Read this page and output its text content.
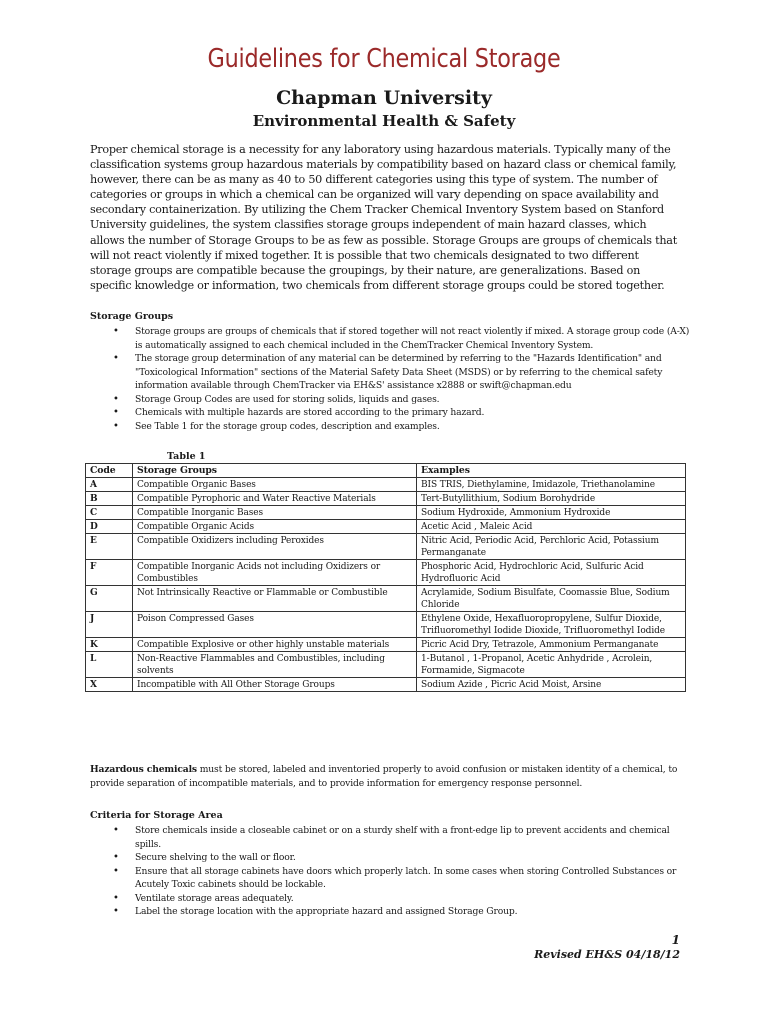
Guidelines for Chemical Storage
Chapman University
Environmental Health & Safety

Proper chemical storage is a necessity for any laboratory using hazardous materials. Typically many of the classification systems group hazardous materials by compatibility based on hazard class or chemical family, however, there can be as many as 40 to 50 different categories using this type of system. The number of categories or groups in which a chemical can be organized will vary depending on space availability and secondary containerization. By utilizing the Chem Tracker Chemical Inventory System based on Stanford University guidelines, the system classifies storage groups independent of main hazard classes, which allows the number of Storage Groups to be as few as possible. Storage Groups are groups of chemicals that will not react violently if mixed together. It is possible that two chemicals designated to two different storage groups are compatible because the groupings, by their nature, are generalizations. Based on specific knowledge or information, two chemicals from different storage groups could be stored together.

Storage Groups

• Storage groups are groups of chemicals that if stored together will not react violently if mixed. A storage group code (A-X) is automatically assigned to each chemical included in the ChemTracker Chemical Inventory System.
• The storage group determination of any material can be determined by referring to the "Hazards Identification" and "Toxicological Information" sections of the Material Safety Data Sheet (MSDS) or by referring to the chemical safety information available through ChemTracker via EH&S' assistance x2888 or swift@chapman.edu
• Storage Group Codes are used for storing solids, liquids and gases.
• Chemicals with multiple hazards are stored according to the primary hazard.
• See Table 1 for the storage group codes, description and examples.

Table 1

Code	Storage Groups	Examples
A	Compatible Organic Bases	BIS TRIS, Diethylamine, Imidazole, Triethanolamine
B	Compatible Pyrophoric and Water Reactive Materials	Tert-Butyllithium, Sodium Borohydride
C	Compatible Inorganic Bases	Sodium Hydroxide, Ammonium Hydroxide
D	Compatible Organic Acids	Acetic Acid , Maleic Acid
E	Compatible Oxidizers including Peroxides	Nitric Acid, Periodic Acid, Perchloric Acid, Potassium Permanganate
F	Compatible Inorganic Acids not including Oxidizers or Combustibles	Phosphoric Acid, Hydrochloric Acid, Sulfuric Acid Hydrofluoric Acid
G	Not Intrinsically Reactive or Flammable or Combustible	Acrylamide, Sodium Bisulfate, Coomassie Blue, Sodium Chloride
J	Poison Compressed Gases	Ethylene Oxide, Hexafluoropropylene, Sulfur Dioxide, Trifluoromethyl Iodide Dioxide, Trifluoromethyl Iodide
K	Compatible Explosive or other highly unstable materials	Picric Acid Dry, Tetrazole, Ammonium Permanganate
L	Non-Reactive Flammables and Combustibles, including solvents	1-Butanol , 1-Propanol, Acetic Anhydride , Acrolein, Formamide, Sigmacote
X	Incompatible with All Other Storage Groups	Sodium Azide , Picric Acid Moist, Arsine

Hazardous chemicals must be stored, labeled and inventoried properly to avoid confusion or mistaken identity of a chemical, to provide separation of incompatible materials, and to provide information for emergency response personnel.

Criteria for Storage Area

• Store chemicals inside a closeable cabinet or on a sturdy shelf with a front-edge lip to prevent accidents and chemical spills.
• Secure shelving to the wall or floor.
• Ensure that all storage cabinets have doors which properly latch. In some cases when storing Controlled Substances or Acutely Toxic cabinets should be lockable.
• Ventilate storage areas adequately.
• Label the storage location with the appropriate hazard and assigned Storage Group.

1

Revised EH&S 04/18/12
